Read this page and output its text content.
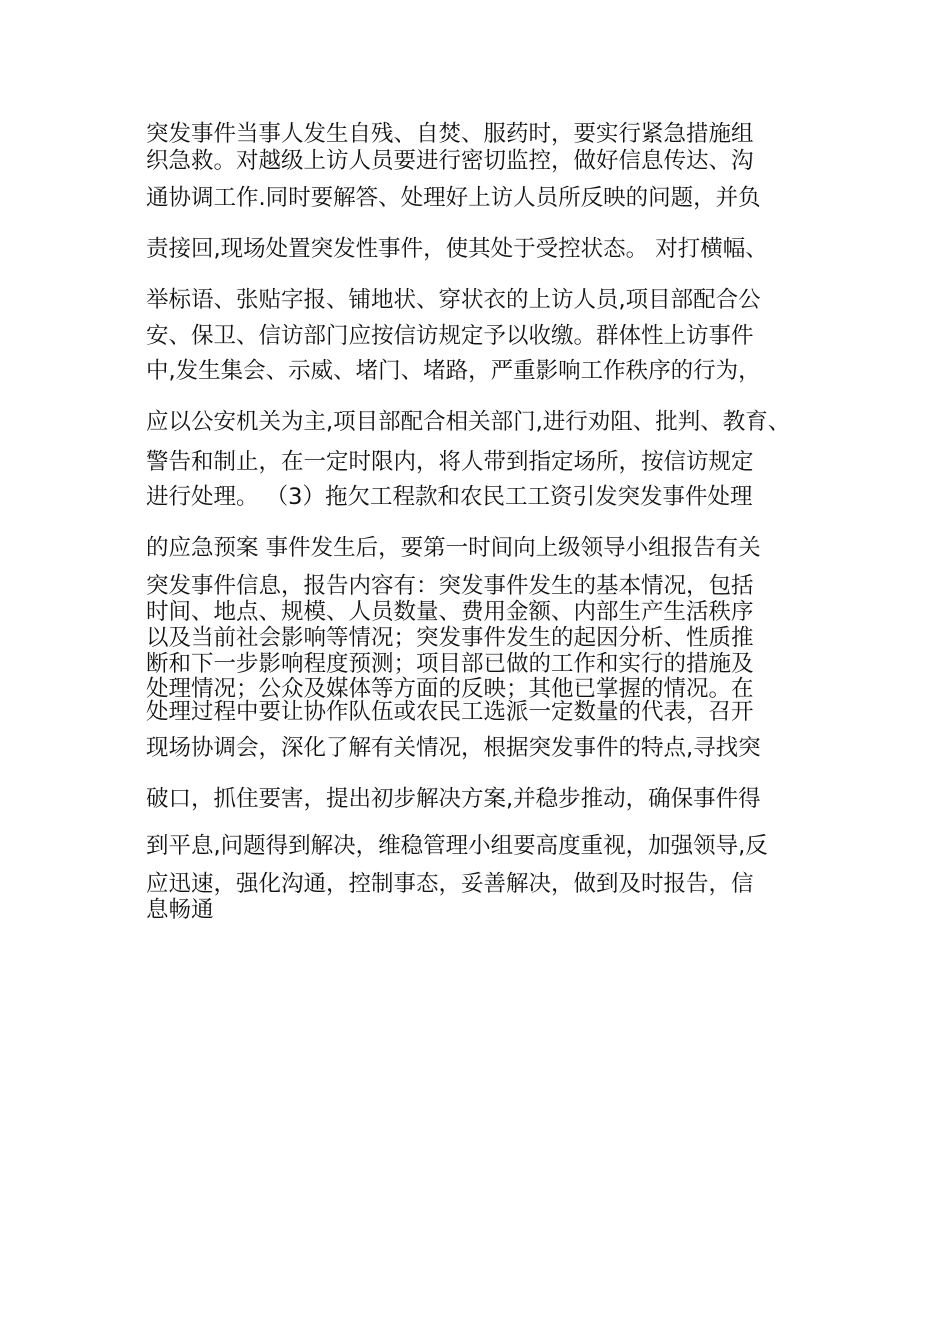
突发事件当事人发生自残、自焚、服药时，要实行紧急措施组

织急救。对越级上访人员要进行密切监控，做好信息传达、沟

通协调工作.同时要解答、处理好上访人员所反映的问题，并负

责接回,现场处置突发性事件，使其处于受控状态。 对打横幅、

举标语、张贴字报、铺地状、穿状衣的上访人员,项目部配合公

安、保卫、信访部门应按信访规定予以收缴。群体性上访事件

中,发生集会、示威、堵门、堵路，严重影响工作秩序的行为，

应以公安机关为主,项目部配合相关部门,进行劝阻、批判、教育、

警告和制止，在一定时限内，将人带到指定场所，按信访规定

进行处理。 （3）拖欠工程款和农民工工资引发突发事件处理

的应急预案 事件发生后，要第一时间向上级领导小组报告有关

突发事件信息，报告内容有：突发事件发生的基本情况，包括

时间、地点、规模、人员数量、费用金额、内部生产生活秩序

以及当前社会影响等情况；突发事件发生的起因分析、性质推

断和下一步影响程度预测；项目部已做的工作和实行的措施及

处理情况；公众及媒体等方面的反映；其他已掌握的情况。在

处理过程中要让协作队伍或农民工选派一定数量的代表，召开

现场协调会，深化了解有关情况，根据突发事件的特点,寻找突

破口，抓住要害，提出初步解决方案,并稳步推动，确保事件得

到平息,问题得到解决，维稳管理小组要高度重视，加强领导,反

应迅速，强化沟通，控制事态，妥善解决，做到及时报告，信

息畅通
